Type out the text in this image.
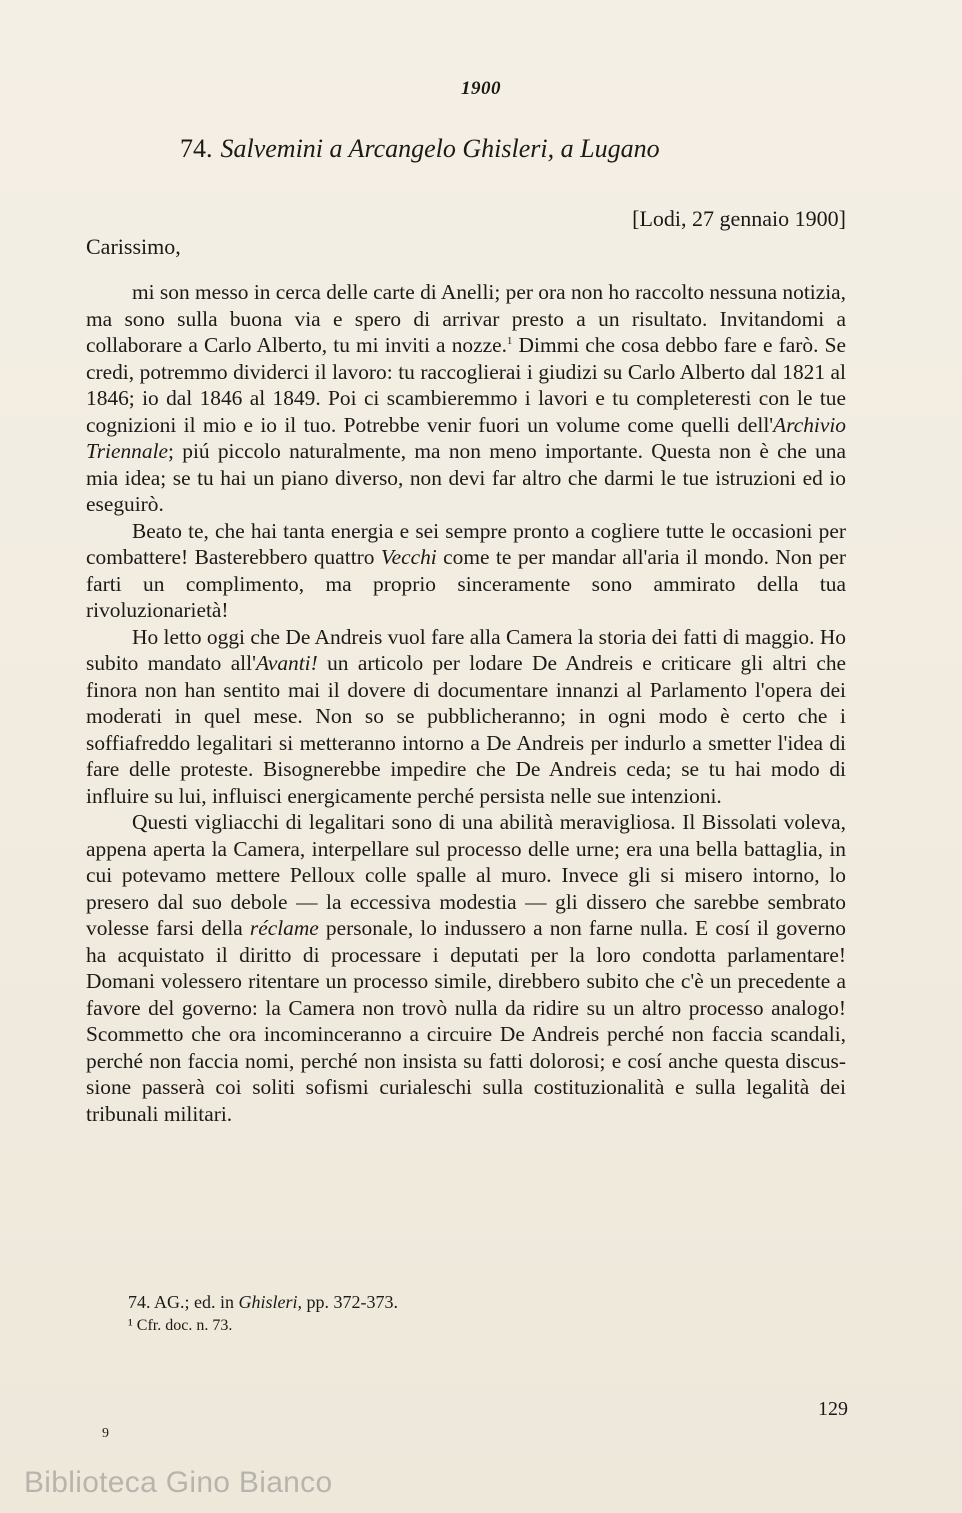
1900
74. Salvemini a Arcangelo Ghisleri, a Lugano
[Lodi, 27 gennaio 1900]
Carissimo,

mi son messo in cerca delle carte di Anelli; per ora non ho raccolto nessuna notizia, ma sono sulla buona via e spero di arrivar presto a un risultato. Invitandomi a collaborare a Carlo Alberto, tu mi inviti a nozze.$^1$ Dimmi che cosa debbo fare e farò. Se credi, potremmo dividerci il lavoro: tu raccoglierai i giudizi su Carlo Alberto dal 1821 al 1846; io dal 1846 al 1849. Poi ci scambieremmo i lavori e tu completeresti con le tue cognizioni il mio e io il tuo. Potrebbe venir fuori un volume come quelli dell'Archivio Triennale; piú piccolo naturalmente, ma non meno importante. Questa non è che una mia idea; se tu hai un piano diverso, non devi far altro che darmi le tue istruzioni ed io eseguirò.

Beato te, che hai tanta energia e sei sempre pronto a cogliere tutte le occasioni per combattere! Basterebbero quattro Vecchi come te per mandar all'aria il mondo. Non per farti un complimento, ma proprio sinceramente sono ammirato della tua rivoluzionarietà!

Ho letto oggi che De Andreis vuol fare alla Camera la storia dei fatti di maggio. Ho subito mandato all'Avanti! un articolo per lodare De Andreis e criticare gli altri che finora non han sentito mai il dovere di documentare innanzi al Parlamento l'opera dei moderati in quel mese. Non so se pubblicheranno; in ogni modo è certo che i soffiafreddo legalitari si metteranno intorno a De Andreis per indurlo a smetter l'idea di fare delle proteste. Bisognerebbe impedire che De Andreis ceda; se tu hai modo di influire su lui, influisci energicamente perché persista nelle sue intenzioni.

Questi vigliacchi di legalitari sono di una abilità meravigliosa. Il Bissolati voleva, appena aperta la Camera, interpellare sul processo delle urne; era una bella battaglia, in cui potevamo mettere Pelloux colle spalle al muro. Invece gli si misero intorno, lo presero dal suo debole — la eccessiva modestia — gli dissero che sarebbe sembrato volesse farsi della réclame personale, lo indussero a non farne nulla. E cosí il governo ha acquistato il diritto di processare i deputati per la loro condotta parlamentare! Domani volessero ritentare un processo simile, direbbero subito che c'è un precedente a favore del governo: la Camera non trovò nulla da ridire su un altro processo analogo! Scommetto che ora incominceranno a circuire De Andreis perché non faccia scandali, perché non faccia nomi, perché non insista su fatti dolorosi; e cosí anche questa discussione passerà coi soliti sofismi curialeschi sulla costituzionalità e sulla legalità dei tribunali militari.

74. AG.; ed. in Ghisleri, pp. 372-373.
¹ Cfr. doc. n. 73.
129
9
Biblioteca Gino Bianco
